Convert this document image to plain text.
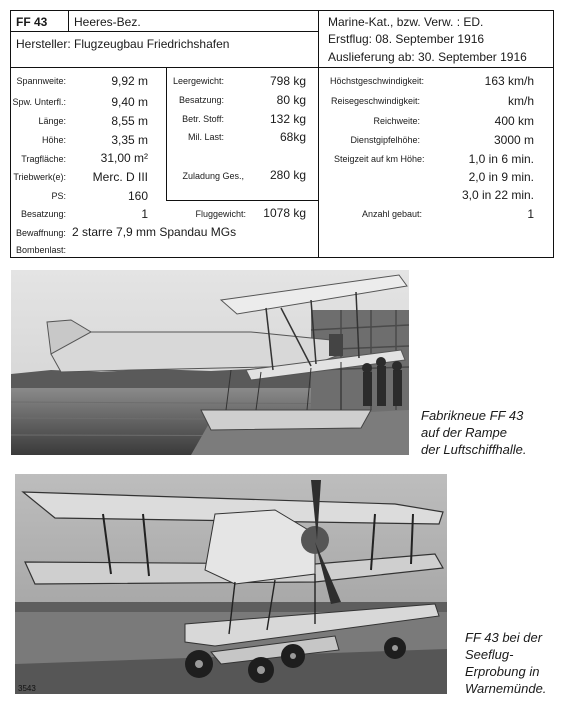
FF 43 Heeres-Bez.	Marine-Kat., bzw. Verw. : ED.
Hersteller: Flugzeugbau Friedrichshafen	Erstflug: 08. September 1916
Auslieferung ab: 30. September 1916
Spannweite:	9,92 m
Spw. Unterfl.:	9,40 m
Länge:	8,55 m
Höhe:	3,35 m
Tragfläche:	31,00 m²
Triebwerk(e): Merc. D III
PS:	160
Besatzung:	1
Bewaffnung: 2 starre 7,9 mm Spandau MGs
Bombenlast:
Leergewicht:	798 kg
Besatzung:	80 kg
Betr. Stoff:	132 kg
Mil. Last:	68kg
Zuladung Ges., 280 kg
Fluggewicht: 1078 kg
Höchstgeschwindigkeit:	163 km/h
Reisegeschwindigkeit:	km/h
Reichweite:	400 km
Dienstgipfelhöhe:	3000 m
Steigzeit auf km Höhe:	1,0 in 6 min.
2,0 in 9 min.
3,0 in 22 min.
Anzahl gebaut:	1
Fabrikneue FF 43
auf der Rampe
der Luftschiffhalle.
3543
FF 43 bei der
Seeflug-
Erprobung in
Warnemünde.
